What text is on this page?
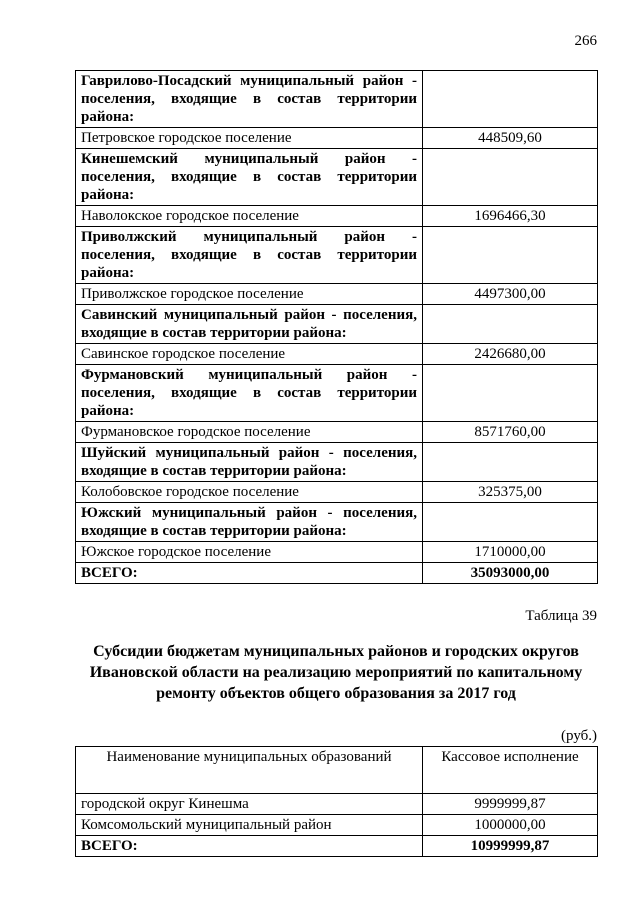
266
Гаврилово-Посадский муниципальный район - поселения, входящие в состав территории района:	
Петровское городское поселение	448509,60
Кинешемский муниципальный район - поселения, входящие в состав территории района:	
Наволокское городское поселение	1696466,30
Приволжский муниципальный район - поселения, входящие в состав территории района:	
Приволжское городское поселение	4497300,00
Савинский муниципальный район - поселения, входящие в состав территории района:	
Савинское городское поселение	2426680,00
Фурмановский муниципальный район - поселения, входящие в состав территории района:	
Фурмановское городское поселение	8571760,00
Шуйский муниципальный район - поселения, входящие в состав территории района:	
Колобовское городское поселение	325375,00
Южский муниципальный район - поселения, входящие в состав территории района:	
Южское городское поселение	1710000,00
ВСЕГО:	35093000,00
Таблица 39
Субсидии бюджетам муниципальных районов и городских округов Ивановской области на реализацию мероприятий по капитальному ремонту объектов общего образования за 2017 год
(руб.)
Наименование муниципальных образований	Кассовое исполнение
городской округ Кинешма	9999999,87
Комсомольский муниципальный район	1000000,00
ВСЕГО:	10999999,87
